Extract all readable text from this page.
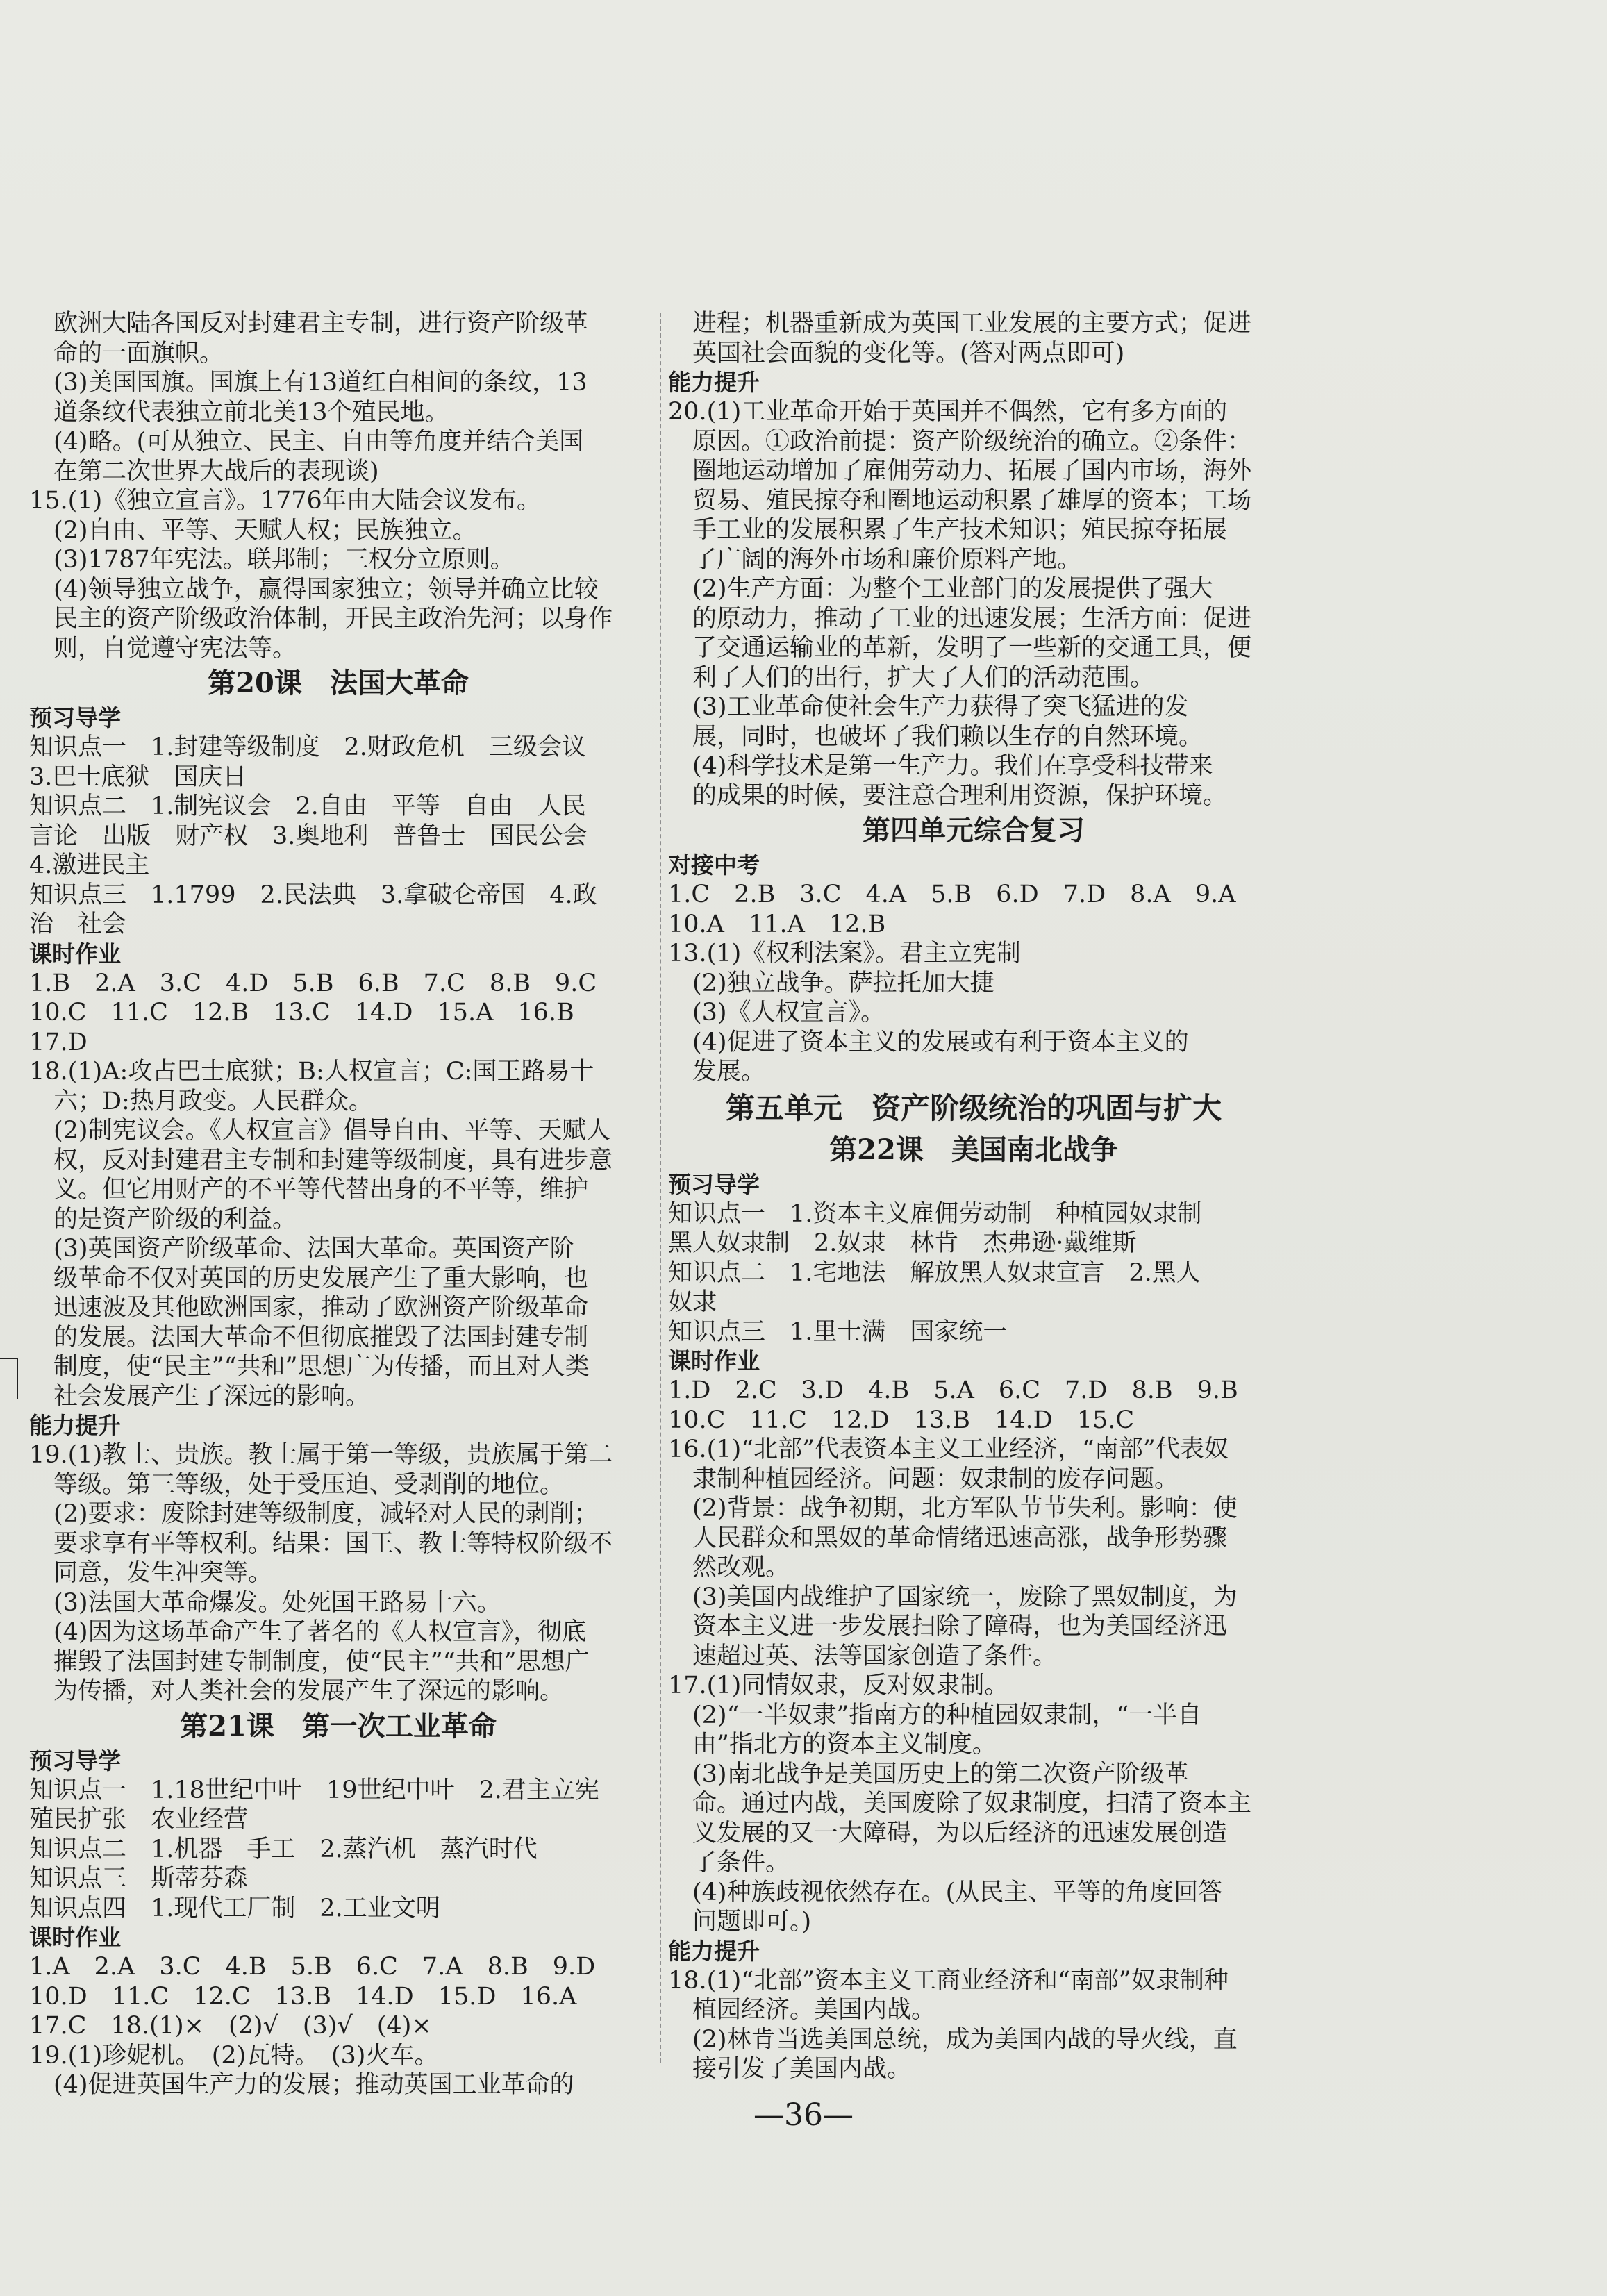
　欧洲大陆各国反对封建君主专制，进行资产阶级革
　命的一面旗帜。
　(3)美国国旗。国旗上有13道红白相间的条纹，13
　道条纹代表独立前北美13个殖民地。
　(4)略。(可从独立、民主、自由等角度并结合美国
　在第二次世界大战后的表现谈)
15.(1)《独立宣言》。1776年由大陆会议发布。
　(2)自由、平等、天赋人权；民族独立。
　(3)1787年宪法。联邦制；三权分立原则。
　(4)领导独立战争，赢得国家独立；领导并确立比较
　民主的资产阶级政治体制，开民主政治先河；以身作
　则，自觉遵守宪法等。
第20课　法国大革命
预习导学
知识点一　1.封建等级制度　2.财政危机　三级会议
3.巴士底狱　国庆日
知识点二　1.制宪议会　2.自由　平等　自由　人民
言论　出版　财产权　3.奥地利　普鲁士　国民公会
4.激进民主
知识点三　1.1799　2.民法典　3.拿破仑帝国　4.政
治　社会
课时作业
1.B　2.A　3.C　4.D　5.B　6.B　7.C　8.B　9.C
10.C　11.C　12.B　13.C　14.D　15.A　16.B
17.D
18.(1)A:攻占巴士底狱；B:人权宣言；C:国王路易十
　六；D:热月政变。人民群众。
　(2)制宪议会。《人权宣言》倡导自由、平等、天赋人
　权，反对封建君主专制和封建等级制度，具有进步意
　义。但它用财产的不平等代替出身的不平等，维护
　的是资产阶级的利益。
　(3)英国资产阶级革命、法国大革命。英国资产阶
　级革命不仅对英国的历史发展产生了重大影响，也
　迅速波及其他欧洲国家，推动了欧洲资产阶级革命
　的发展。法国大革命不但彻底摧毁了法国封建专制
　制度，使“民主”“共和”思想广为传播，而且对人类
　社会发展产生了深远的影响。
能力提升
19.(1)教士、贵族。教士属于第一等级，贵族属于第二
　等级。第三等级，处于受压迫、受剥削的地位。
　(2)要求：废除封建等级制度，减轻对人民的剥削；
　要求享有平等权利。结果：国王、教士等特权阶级不
　同意，发生冲突等。
　(3)法国大革命爆发。处死国王路易十六。
　(4)因为这场革命产生了著名的《人权宣言》，彻底
　摧毁了法国封建专制制度，使“民主”“共和”思想广
　为传播，对人类社会的发展产生了深远的影响。
第21课　第一次工业革命
预习导学
知识点一　1.18世纪中叶　19世纪中叶　2.君主立宪
殖民扩张　农业经营
知识点二　1.机器　手工　2.蒸汽机　蒸汽时代
知识点三　斯蒂芬森
知识点四　1.现代工厂制　2.工业文明
课时作业
1.A　2.A　3.C　4.B　5.B　6.C　7.A　8.B　9.D
10.D　11.C　12.C　13.B　14.D　15.D　16.A
17.C　18.(1)×　(2)√　(3)√　(4)×
19.(1)珍妮机。　(2)瓦特。　(3)火车。
　(4)促进英国生产力的发展；推动英国工业革命的
　进程；机器重新成为英国工业发展的主要方式；促进
　英国社会面貌的变化等。(答对两点即可)
能力提升
20.(1)工业革命开始于英国并不偶然，它有多方面的
　原因。①政治前提：资产阶级统治的确立。②条件：
　圈地运动增加了雇佣劳动力、拓展了国内市场，海外
　贸易、殖民掠夺和圈地运动积累了雄厚的资本；工场
　手工业的发展积累了生产技术知识；殖民掠夺拓展
　了广阔的海外市场和廉价原料产地。
　(2)生产方面：为整个工业部门的发展提供了强大
　的原动力，推动了工业的迅速发展；生活方面：促进
　了交通运输业的革新，发明了一些新的交通工具，便
　利了人们的出行，扩大了人们的活动范围。
　(3)工业革命使社会生产力获得了突飞猛进的发
　展，同时，也破坏了我们赖以生存的自然环境。
　(4)科学技术是第一生产力。我们在享受科技带来
　的成果的时候，要注意合理利用资源，保护环境。
第四单元综合复习
对接中考
1.C　2.B　3.C　4.A　5.B　6.D　7.D　8.A　9.A
10.A　11.A　12.B
13.(1)《权利法案》。君主立宪制
　(2)独立战争。萨拉托加大捷
　(3)《人权宣言》。
　(4)促进了资本主义的发展或有利于资本主义的
　发展。
第五单元　资产阶级统治的巩固与扩大
第22课　美国南北战争
预习导学
知识点一　1.资本主义雇佣劳动制　种植园奴隶制
黑人奴隶制　2.奴隶　林肯　杰弗逊·戴维斯
知识点二　1.宅地法　解放黑人奴隶宣言　2.黑人
奴隶
知识点三　1.里士满　国家统一
课时作业
1.D　2.C　3.D　4.B　5.A　6.C　7.D　8.B　9.B
10.C　11.C　12.D　13.B　14.D　15.C
16.(1)“北部”代表资本主义工业经济，“南部”代表奴
　隶制种植园经济。问题：奴隶制的废存问题。
　(2)背景：战争初期，北方军队节节失利。影响：使
　人民群众和黑奴的革命情绪迅速高涨，战争形势骤
　然改观。
　(3)美国内战维护了国家统一，废除了黑奴制度，为
　资本主义进一步发展扫除了障碍，也为美国经济迅
　速超过英、法等国家创造了条件。
17.(1)同情奴隶，反对奴隶制。
　(2)“一半奴隶”指南方的种植园奴隶制，“一半自
　由”指北方的资本主义制度。
　(3)南北战争是美国历史上的第二次资产阶级革
　命。通过内战，美国废除了奴隶制度，扫清了资本主
　义发展的又一大障碍，为以后经济的迅速发展创造
　了条件。
　(4)种族歧视依然存在。(从民主、平等的角度回答
　问题即可。)
能力提升
18.(1)“北部”资本主义工商业经济和“南部”奴隶制种
　植园经济。美国内战。
　(2)林肯当选美国总统，成为美国内战的导火线，直
　接引发了美国内战。
—36—
